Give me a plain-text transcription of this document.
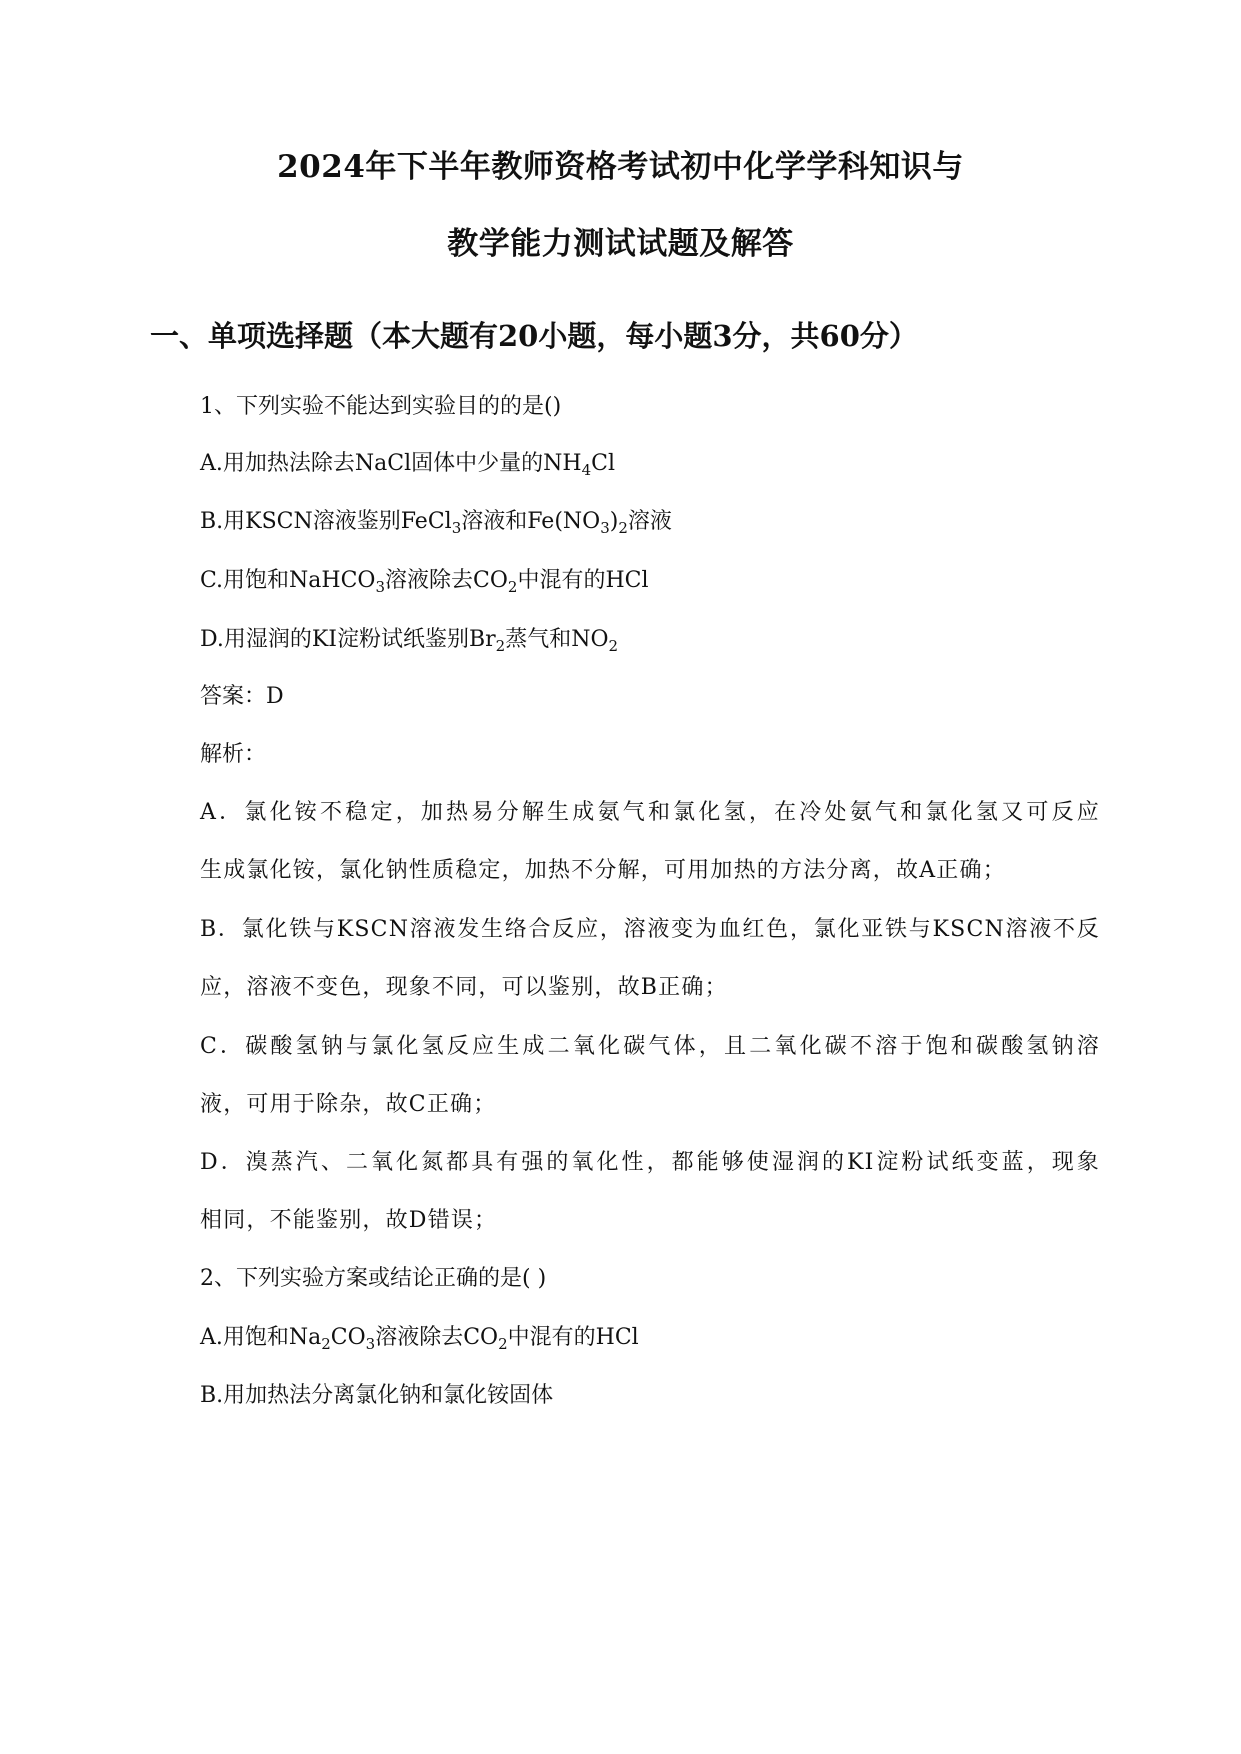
2024年下半年教师资格考试初中化学学科知识与
教学能力测试试题及解答
一、单项选择题（本大题有20小题，每小题3分，共60分）
1、下列实验不能达到实验目的的是()
A.用加热法除去NaCl固体中少量的$NH_4Cl$
B.用KSCN溶液鉴别FeCl$_3$溶液和$Fe(NO_3)_2$溶液
C.用饱和NaHCO$_3$溶液除去$CO_2$中混有的HCl
D.用湿润的KI淀粉试纸鉴别$Br_2$蒸气和$NO_2$
答案：D
解析：
A．氯化铵不稳定，加热易分解生成氨气和氯化氢，在冷处氨气和氯化氢又可反应
生成氯化铵，氯化钠性质稳定，加热不分解，可用加热的方法分离，故A正确；
B．氯化铁与KSCN溶液发生络合反应，溶液变为血红色，氯化亚铁与KSCN溶液不反
应，溶液不变色，现象不同，可以鉴别，故B正确；
C．碳酸氢钠与氯化氢反应生成二氧化碳气体，且二氧化碳不溶于饱和碳酸氢钠溶
液，可用于除杂，故C正确；
D．溴蒸汽、二氧化氮都具有强的氧化性，都能够使湿润的KI淀粉试纸变蓝，现象
相同，不能鉴别，故D错误；
2、下列实验方案或结论正确的是( )
A.用饱和$Na_2CO_3$溶液除去$CO_2$中混有的HCl
B.用加热法分离氯化钠和氯化铵固体
